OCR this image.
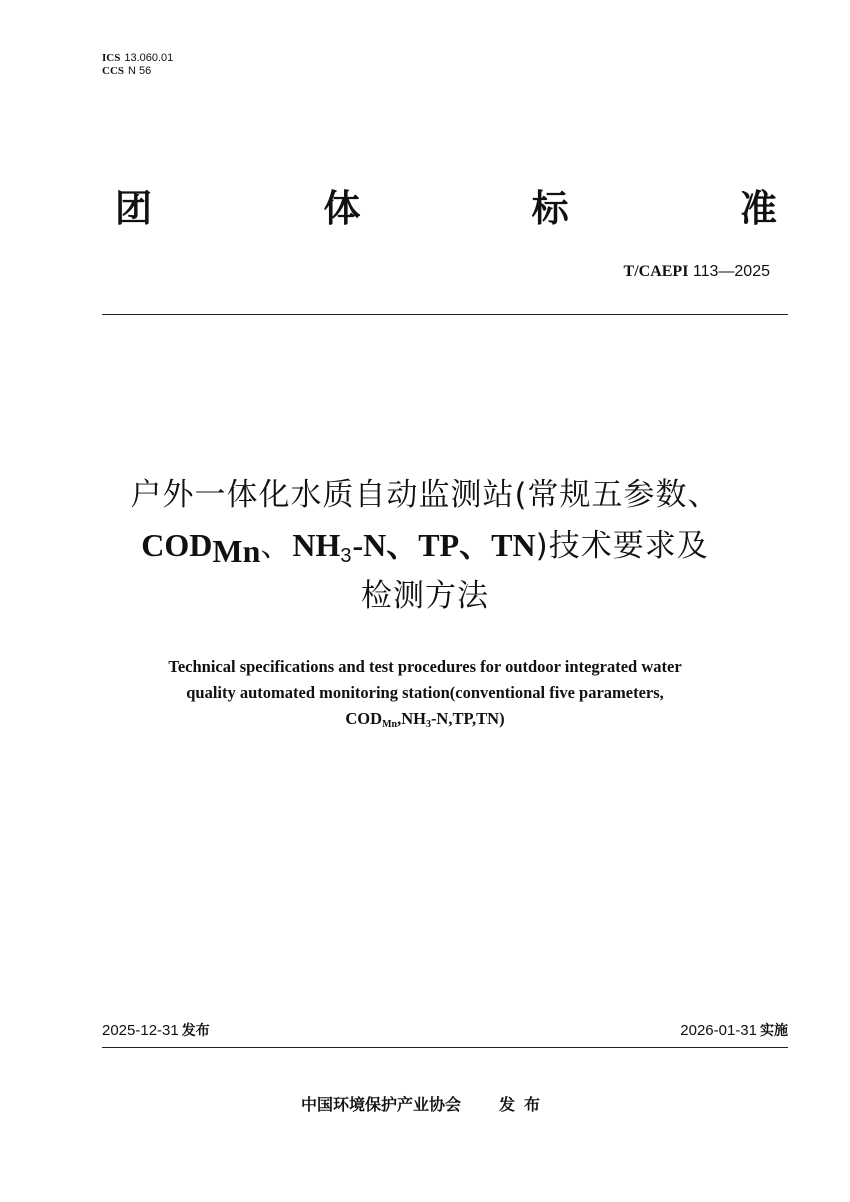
ICS 13.060.01
CCS N 56
团	体	标	准
T/CAEPI 113—2025
户外一体化水质自动监测站(常规五参数、
$COD_{Mn}$、$NH_3-N$、TP、TN)技术要求及
检测方法
Technical specifications and test procedures for outdoor integrated water
quality automated monitoring station(conventional five parameters,
$COD_{Mn},NH_3-N,TP,TN$)
2025-12-31 发布	2026-01-31 实施
中国环境保护产业协会 发布
